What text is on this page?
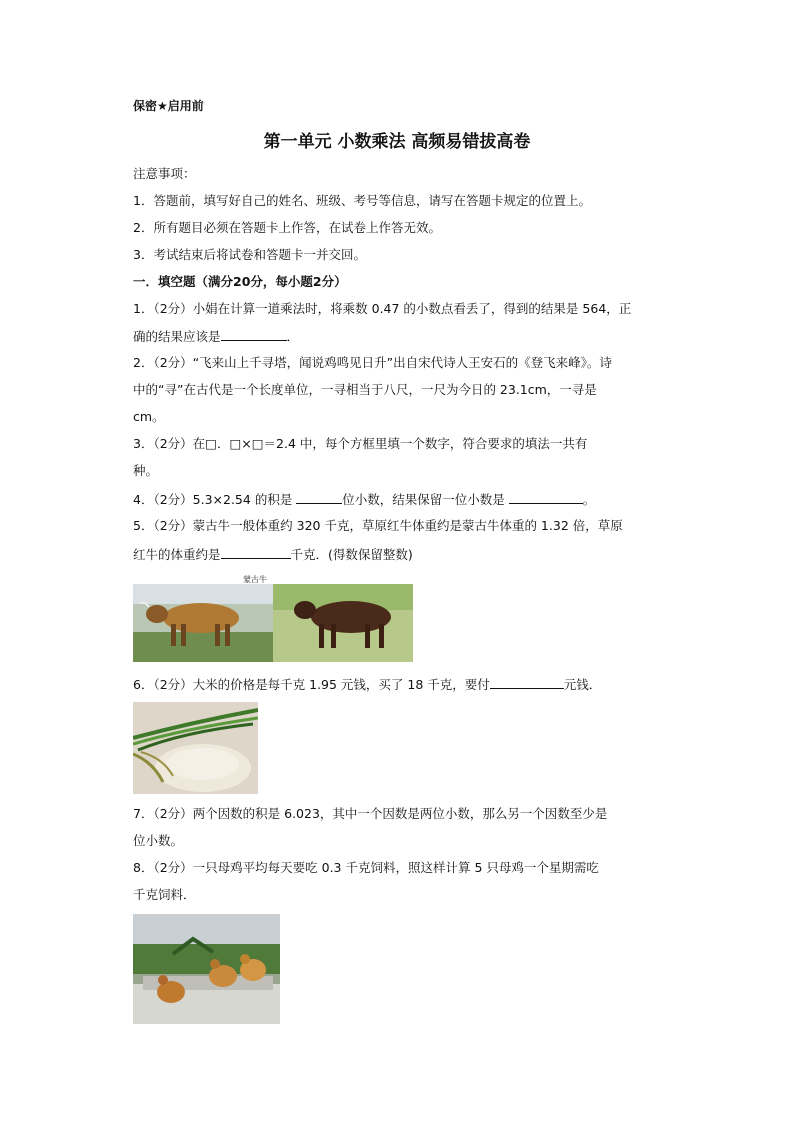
保密★启用前
第一单元 小数乘法 高频易错拔高卷
注意事项：
1．答题前，填写好自己的姓名、班级、考号等信息，请写在答题卡规定的位置上。
2．所有题目必须在答题卡上作答，在试卷上作答无效。
3．考试结束后将试卷和答题卡一并交回。
一．填空题（满分20分，每小题2分）
1．（2分）小娟在计算一道乘法时，将乘数 0.47 的小数点看丢了，得到的结果是 564，正
确的结果应该是	．
2．（2分）“飞来山上千寻塔，闻说鸡鸣见日升”出自宋代诗人王安石的《登飞来峰》。诗
中的“寻”在古代是一个长度单位，一寻相当于八尺，一尺为今日的 23.1cm，一寻是
cm。
3．（2分）在□．□×□＝2.4 中，每个方框里填一个数字，符合要求的填法一共有
种。
4．（2分）5.3×2.54 的积是	位小数，结果保留一位小数是	。
5．（2分）蒙古牛一般体重约 320 千克，草原红牛体重约是蒙古牛体重的 1.32 倍，草原
红牛的体重约是	千克．(得数保留整数)
蒙古牛
6．（2分）大米的价格是每千克 1.95 元钱，买了 18 千克，要付	元钱．
7．（2分）两个因数的积是 6.023，其中一个因数是两位小数，那么另一个因数至少是
位小数。
8．（2分）一只母鸡平均每天要吃 0.3 千克饲料，照这样计算 5 只母鸡一个星期需吃
千克饲料．
